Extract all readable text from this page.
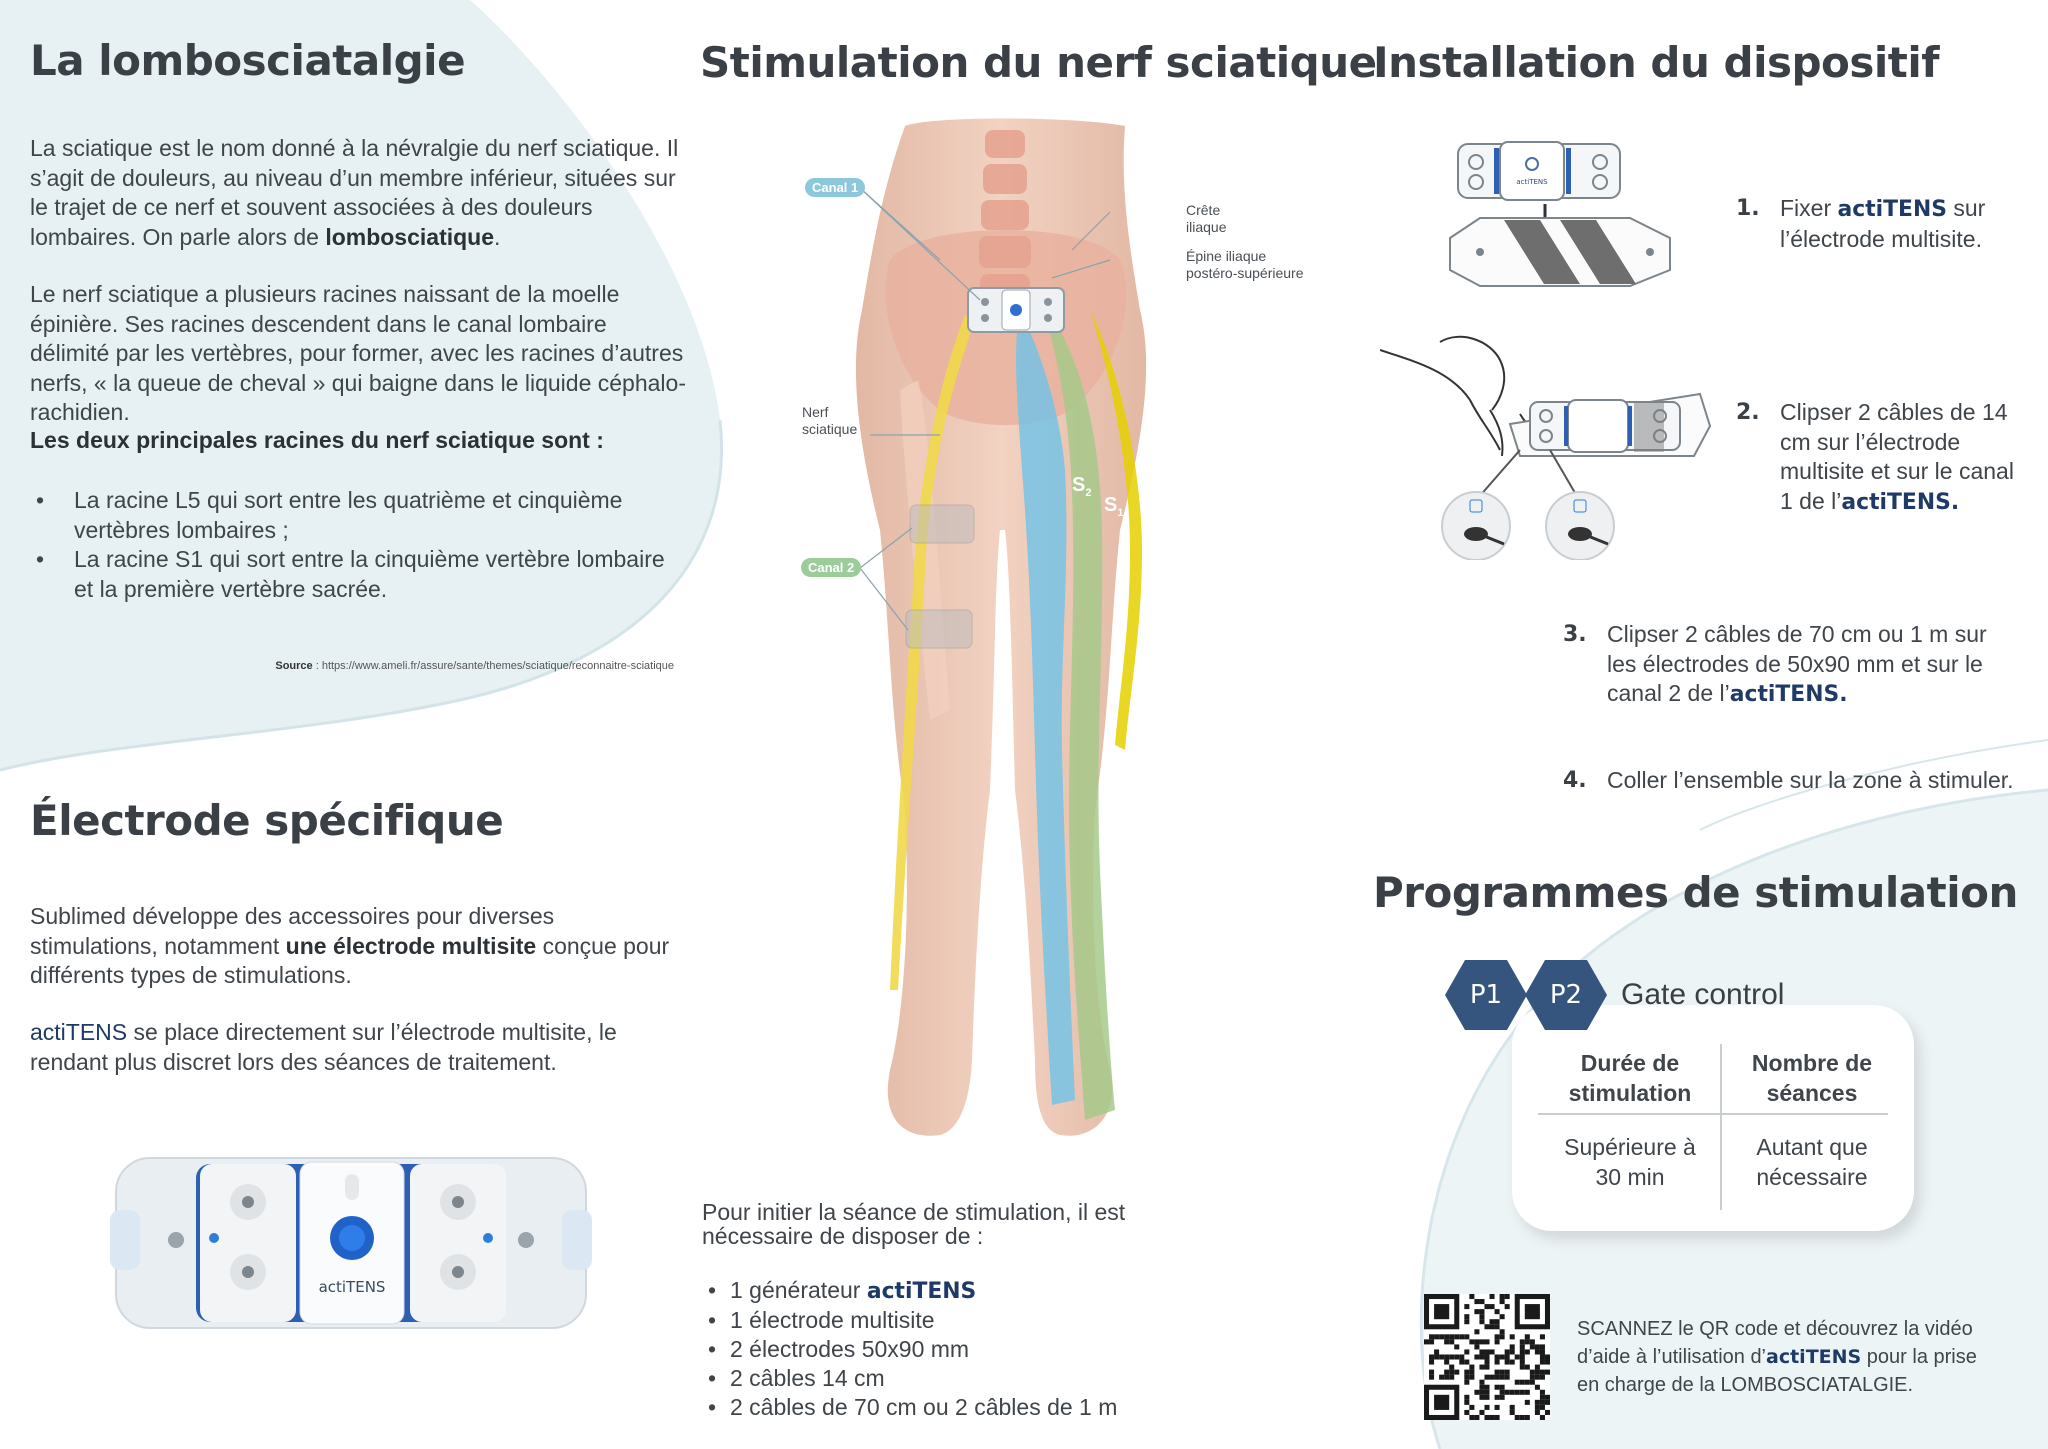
La lombosciatalgie
La sciatique est le nom donné à la névralgie du nerf sciatique. Il s’agit de douleurs, au niveau d’un membre inférieur, situées sur le trajet de ce nerf et souvent associées à des douleurs lombaires. On parle alors de lombosciatique.
Le nerf sciatique a plusieurs racines naissant de la moelle épinière. Ses racines descendent dans le canal lombaire délimité par les vertèbres, pour former, avec les racines d’autres nerfs, « la queue de cheval » qui baigne dans le liquide céphalo-rachidien.
Les deux principales racines du nerf sciatique sont :
• La racine L5 qui sort entre les quatrième et cinquième vertèbres lombaires ;
• La racine S1 qui sort entre la cinquième vertèbre lombaire et la première vertèbre sacrée.
Source : https://www.ameli.fr/assure/sante/themes/sciatique/reconnaitre-sciatique
Électrode spécifique
Sublimed développe des accessoires pour diverses stimulations, notamment une électrode multisite conçue pour différents types de stimulations.
actiTENS se place directement sur l’électrode multisite, le rendant plus discret lors des séances de traitement.
actiTENS
Stimulation du nerf sciatique
Canal 1
Canal 2
Crête
iliaque
Épine iliaque
postéro-supérieure
Nerf
sciatique
$S_2$
$S_1$ $L_5$
Pour initier la séance de stimulation, il est nécessaire de disposer de :
• 1 générateur actiTENS
• 1 électrode multisite
• 2 électrodes 50x90 mm
• 2 câbles 14 cm
• 2 câbles de 70 cm ou 2 câbles de 1 m
Installation du dispositif
actiTENS
1. Fixer actiTENS sur l’électrode multisite.
2. Clipser 2 câbles de 14 cm sur l’électrode multisite et sur le canal 1 de l’actiTENS.
3. Clipser 2 câbles de 70 cm ou 1 m sur les électrodes de 50x90 mm et sur le canal 2 de l’actiTENS.
4. Coller l’ensemble sur la zone à stimuler.
Programmes de stimulation
P1	P2	Gate control
Durée de
stimulation
Nombre de
séances
Supérieure à
30 min
Autant que
nécessaire
SCANNEZ le QR code et découvrez la vidéo d’aide à l’utilisation d’actiTENS pour la prise en charge de la LOMBOSCIATALGIE.
